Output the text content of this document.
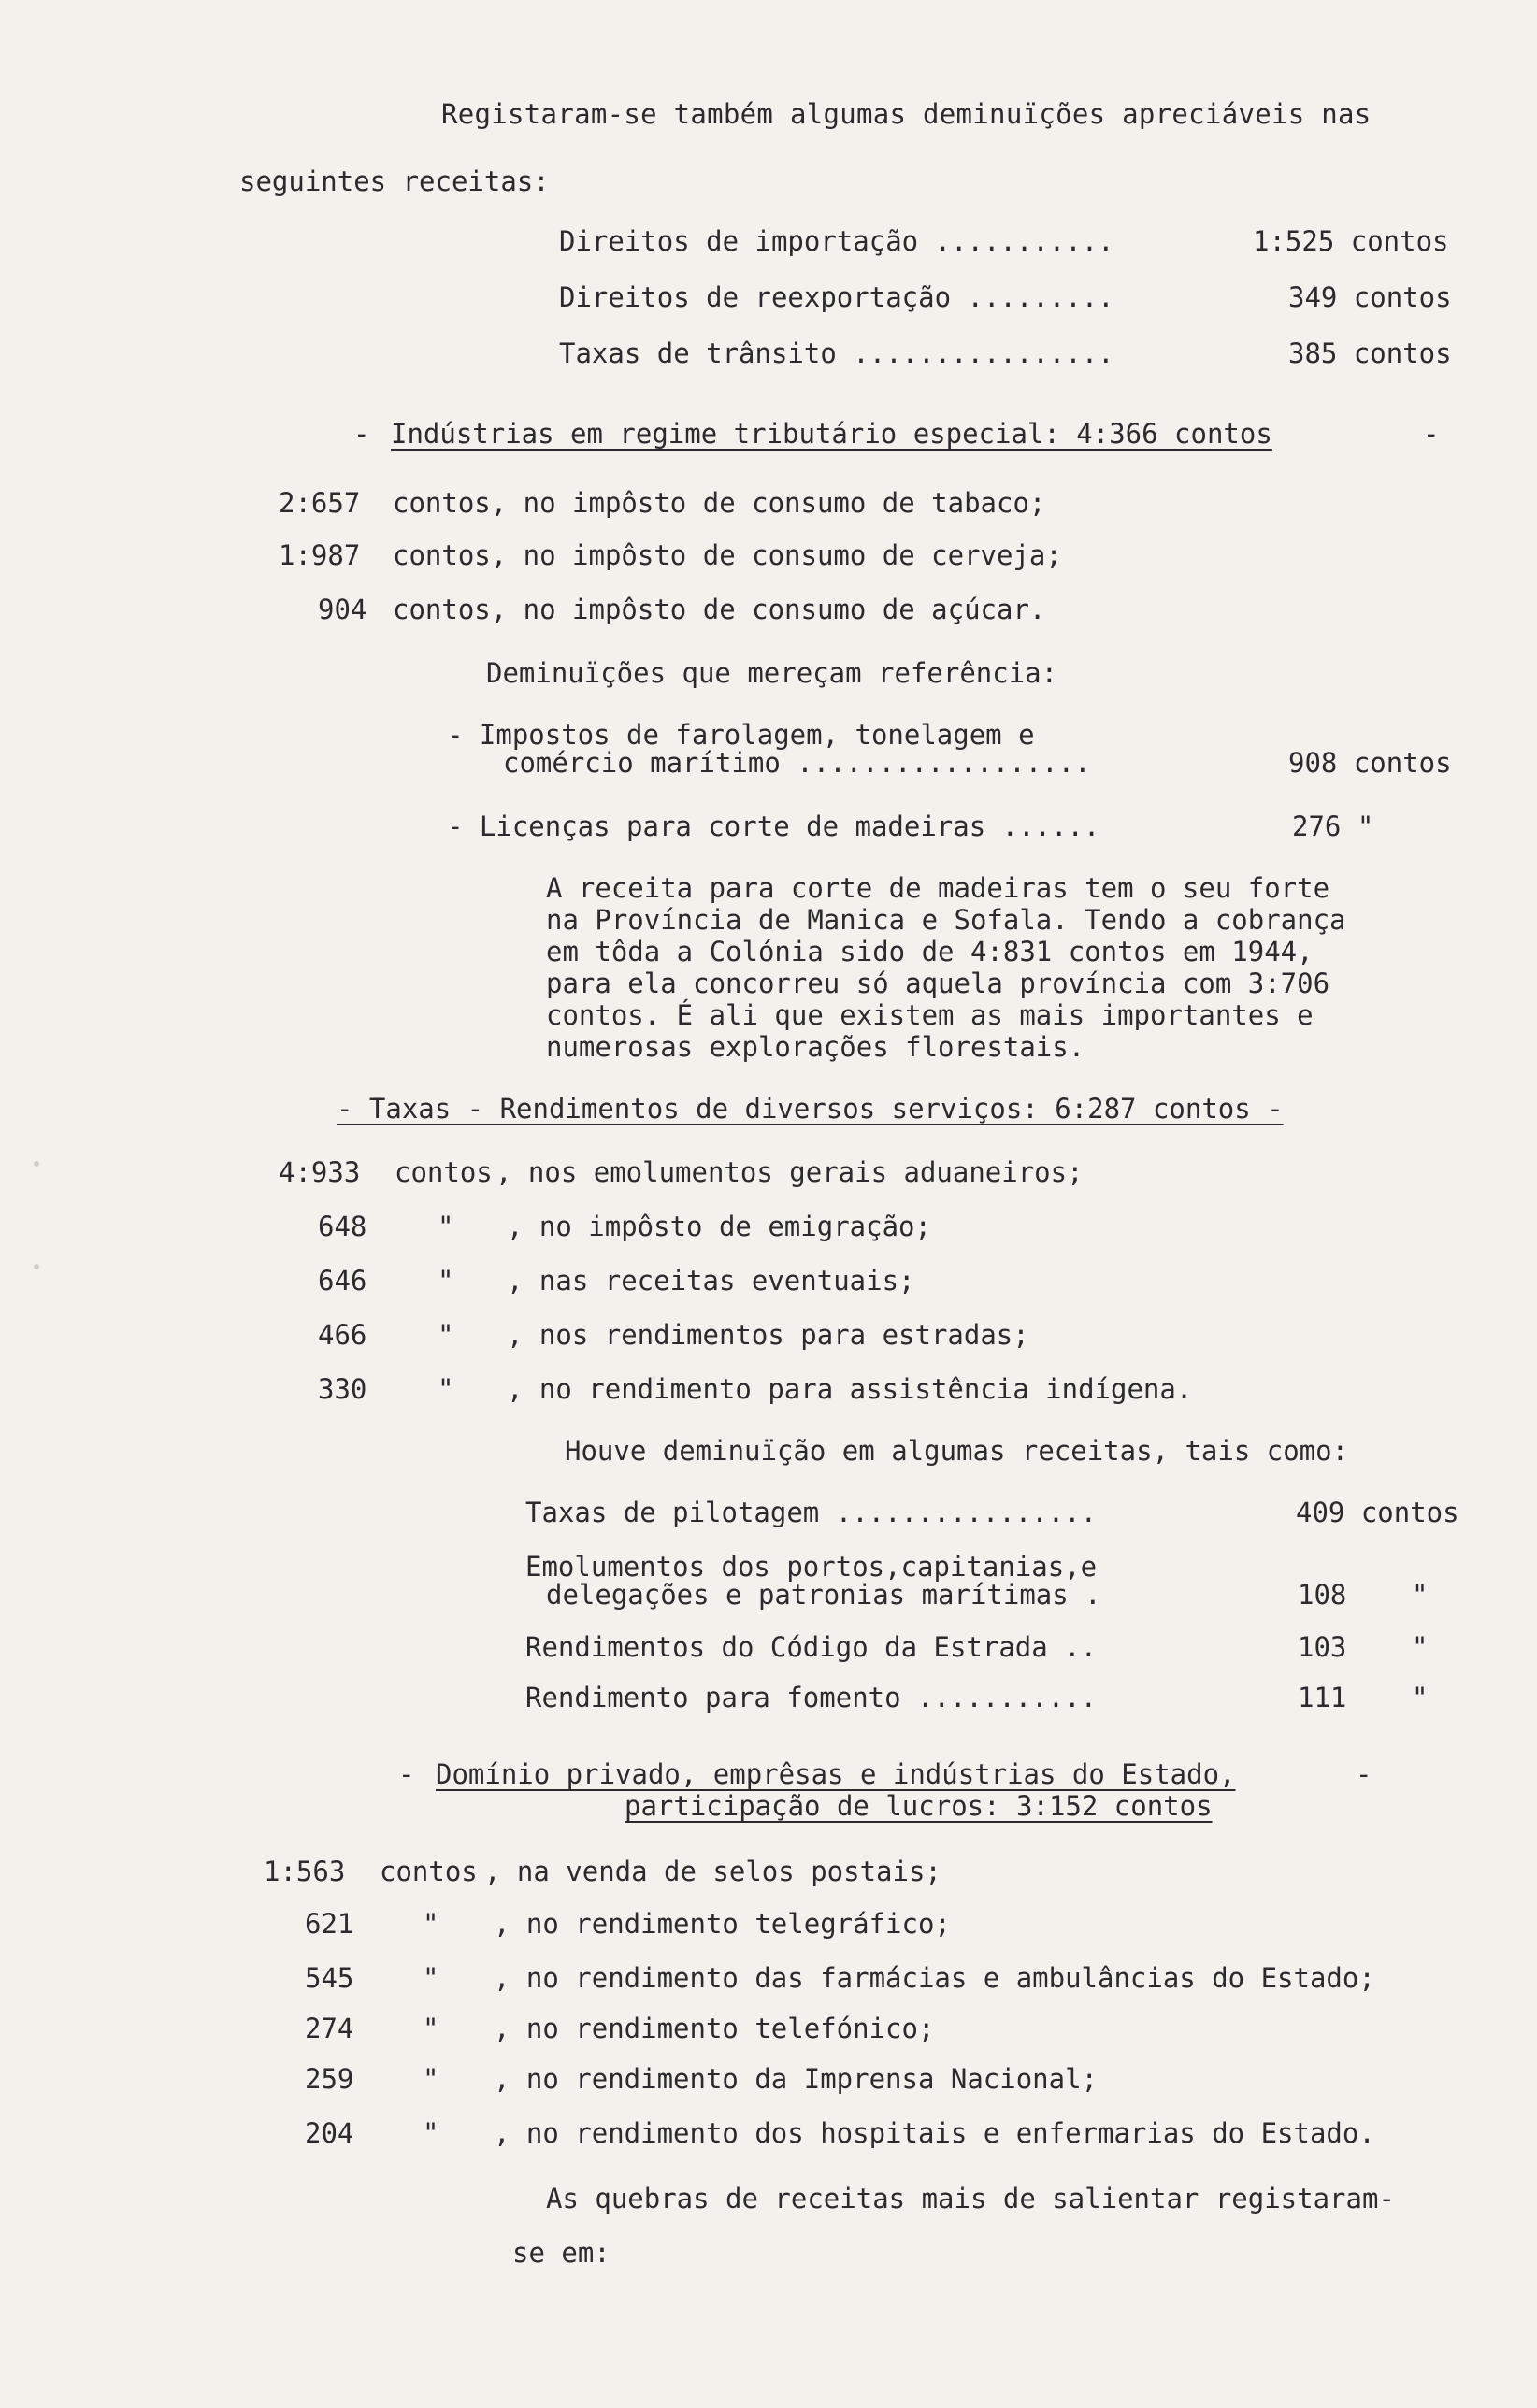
Registaram-se também algumas deminuïções apreciáveis nas
seguintes receitas:
Direitos de importação ...........	1:525 contos
Direitos de reexportação .........	349 contos
Taxas de trânsito ................	385 contos
- Indústrias em regime tributário especial: 4:366 contos	-
2:657 contos, no impôsto de consumo de tabaco;
1:987 contos, no impôsto de consumo de cerveja;
904 contos, no impôsto de consumo de açúcar.
Deminuïções que mereçam referência:
- Impostos de farolagem, tonelagem e
comércio marítimo ..................	908 contos
- Licenças para corte de madeiras ......	276 "
A receita para corte de madeiras tem o seu forte
na Província de Manica e Sofala. Tendo a cobrança
em tôda a Colónia sido de 4:831 contos em 1944,
para ela concorreu só aquela província com 3:706
contos. É ali que existem as mais importantes e
numerosas explorações florestais.
- Taxas - Rendimentos de diversos serviços: 6:287 contos -
4:933 contos , nos emolumentos gerais aduaneiros;
648	" , no impôsto de emigração;
646	" , nas receitas eventuais;
466	" , nos rendimentos para estradas;
330	" , no rendimento para assistência indígena.
Houve deminuïção em algumas receitas, tais como:
Taxas de pilotagem ................	409 contos
Emolumentos dos portos,capitanias,e
delegações e patronias marítimas .	108 "
Rendimentos do Código da Estrada ..	103 "
Rendimento para fomento ...........	111 "
- Domínio privado, emprêsas e indústrias do Estado,	-
participação de lucros: 3:152 contos
1:563 contos , na venda de selos postais;
621	" , no rendimento telegráfico;
545	" , no rendimento das farmácias e ambulâncias do Estado;
274	" , no rendimento telefónico;
259	" , no rendimento da Imprensa Nacional;
204	" , no rendimento dos hospitais e enfermarias do Estado.
As quebras de receitas mais de salientar registaram-
se em:
